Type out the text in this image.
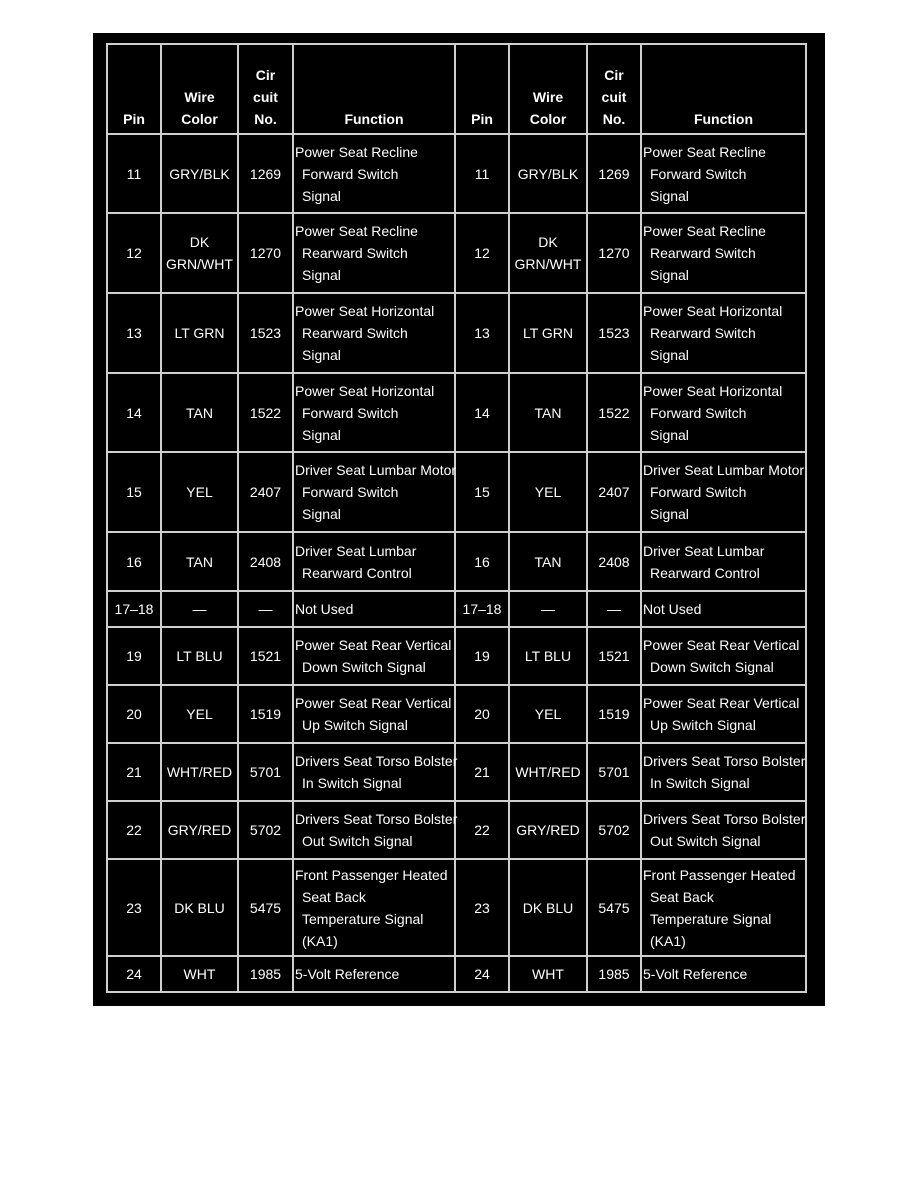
Pin	Wire
Color	Cir
cuit
No.	Function	Pin	Wire
Color	Cir
cuit
No.	Function
11	GRY/BLK	1269	Power Seat Recline
Forward Switch
Signal	11	GRY/BLK	1269	Power Seat Recline
Forward Switch
Signal

12	DK GRN/WHT	1270	Power Seat Recline
Rearward Switch
Signal	12	DK GRN/WHT	1270	Power Seat Recline
Rearward Switch
Signal

13	LT GRN	1523	Power Seat Horizontal
Rearward Switch
Signal	13	LT GRN	1523	Power Seat Horizontal
Rearward Switch
Signal

14	TAN	1522	Power Seat Horizontal
Forward Switch
Signal	14	TAN	1522	Power Seat Horizontal
Forward Switch
Signal

15	YEL	2407	Driver Seat Lumbar Motor
Forward Switch
Signal	15	YEL	2407	Driver Seat Lumbar Motor
Forward Switch
Signal

16	TAN	2408	Driver Seat Lumbar
Rearward Control	16	TAN	2408	Driver Seat Lumbar
Rearward Control

17–18	—	—	Not Used	17–18	—	—	Not Used

19	LT BLU	1521	Power Seat Rear Vertical
Down Switch Signal	19	LT BLU	1521	Power Seat Rear Vertical
Down Switch Signal

20	YEL	1519	Power Seat Rear Vertical
Up Switch Signal	20	YEL	1519	Power Seat Rear Vertical
Up Switch Signal

21	WHT/RED	5701	Drivers Seat Torso Bolster
In Switch Signal	21	WHT/RED	5701	Drivers Seat Torso Bolster
In Switch Signal

22	GRY/RED	5702	Drivers Seat Torso Bolster
Out Switch Signal	22	GRY/RED	5702	Drivers Seat Torso Bolster
Out Switch Signal

23	DK BLU	5475	Front Passenger Heated
Seat Back
Temperature Signal
(KA1)	23	DK BLU	5475	Front Passenger Heated
Seat Back
Temperature Signal
(KA1)

24	WHT	1985	5-Volt Reference	24	WHT	1985	5-Volt Reference
